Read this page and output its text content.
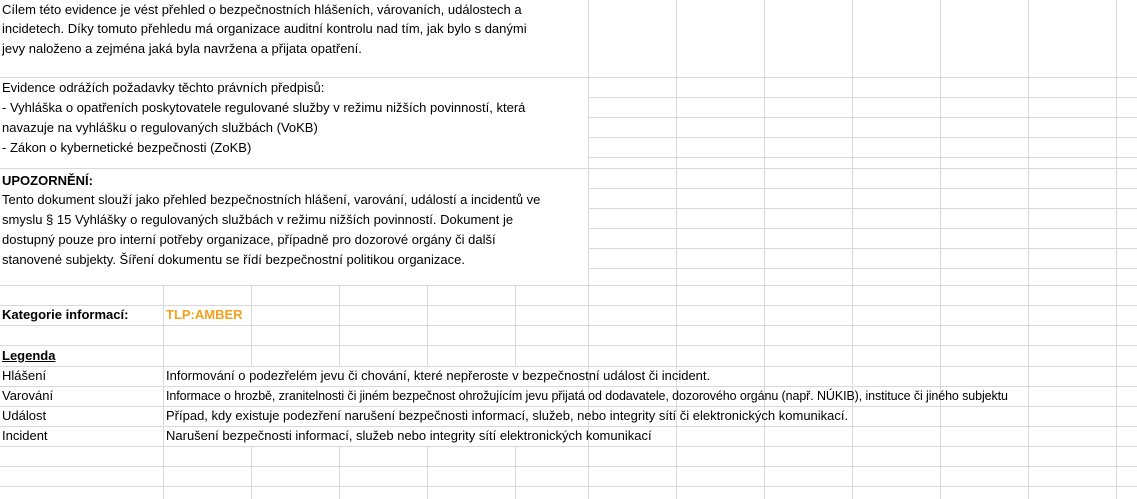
Cílem této evidence je vést přehled o bezpečnostních hlášeních, várovaních, událostech a
incidetech. Díky tomuto přehledu má organizace auditní kontrolu nad tím, jak bylo s danými
jevy naloženo a zejména jaká byla navržena a přijata opatření.
Evidence odrážích požadavky těchto právních předpisů:
- Vyhláška o opatřeních poskytovatele regulované služby v režimu nižších povinností, která
navazuje na vyhlášku o regulovaných službách (VoKB)
- Zákon o kybernetické bezpečnosti (ZoKB)
UPOZORNĚNÍ:
Tento dokument slouží jako přehled bezpečnostních hlášení, varování, událostí a incidentů ve
smyslu § 15 Vyhlášky o regulovaných službách v režimu nižších povinností. Dokument je
dostupný pouze pro interní potřeby organizace, případně pro dozorové orgány či další
stanovené subjekty. Šíření dokumentu se řídí bezpečnostní politikou organizace.
Kategorie informací:	TLP:AMBER
Legenda
Hlášení	Informování o podezřelém jevu či chování, které nepřeroste v bezpečnostní událost či incident.
Varování	Informace o hrozbě, zranitelnosti či jiném bezpečnost ohrožujícím jevu přijatá od dodavatele, dozorového orgánu (např. NÚKIB), instituce či jiného subjektu
Událost	Případ, kdy existuje podezření narušení bezpečnosti informací, služeb, nebo integrity sítí či elektronických komunikací.
Incident	Narušení bezpečnosti informací, služeb nebo integrity sítí elektronických komunikací
